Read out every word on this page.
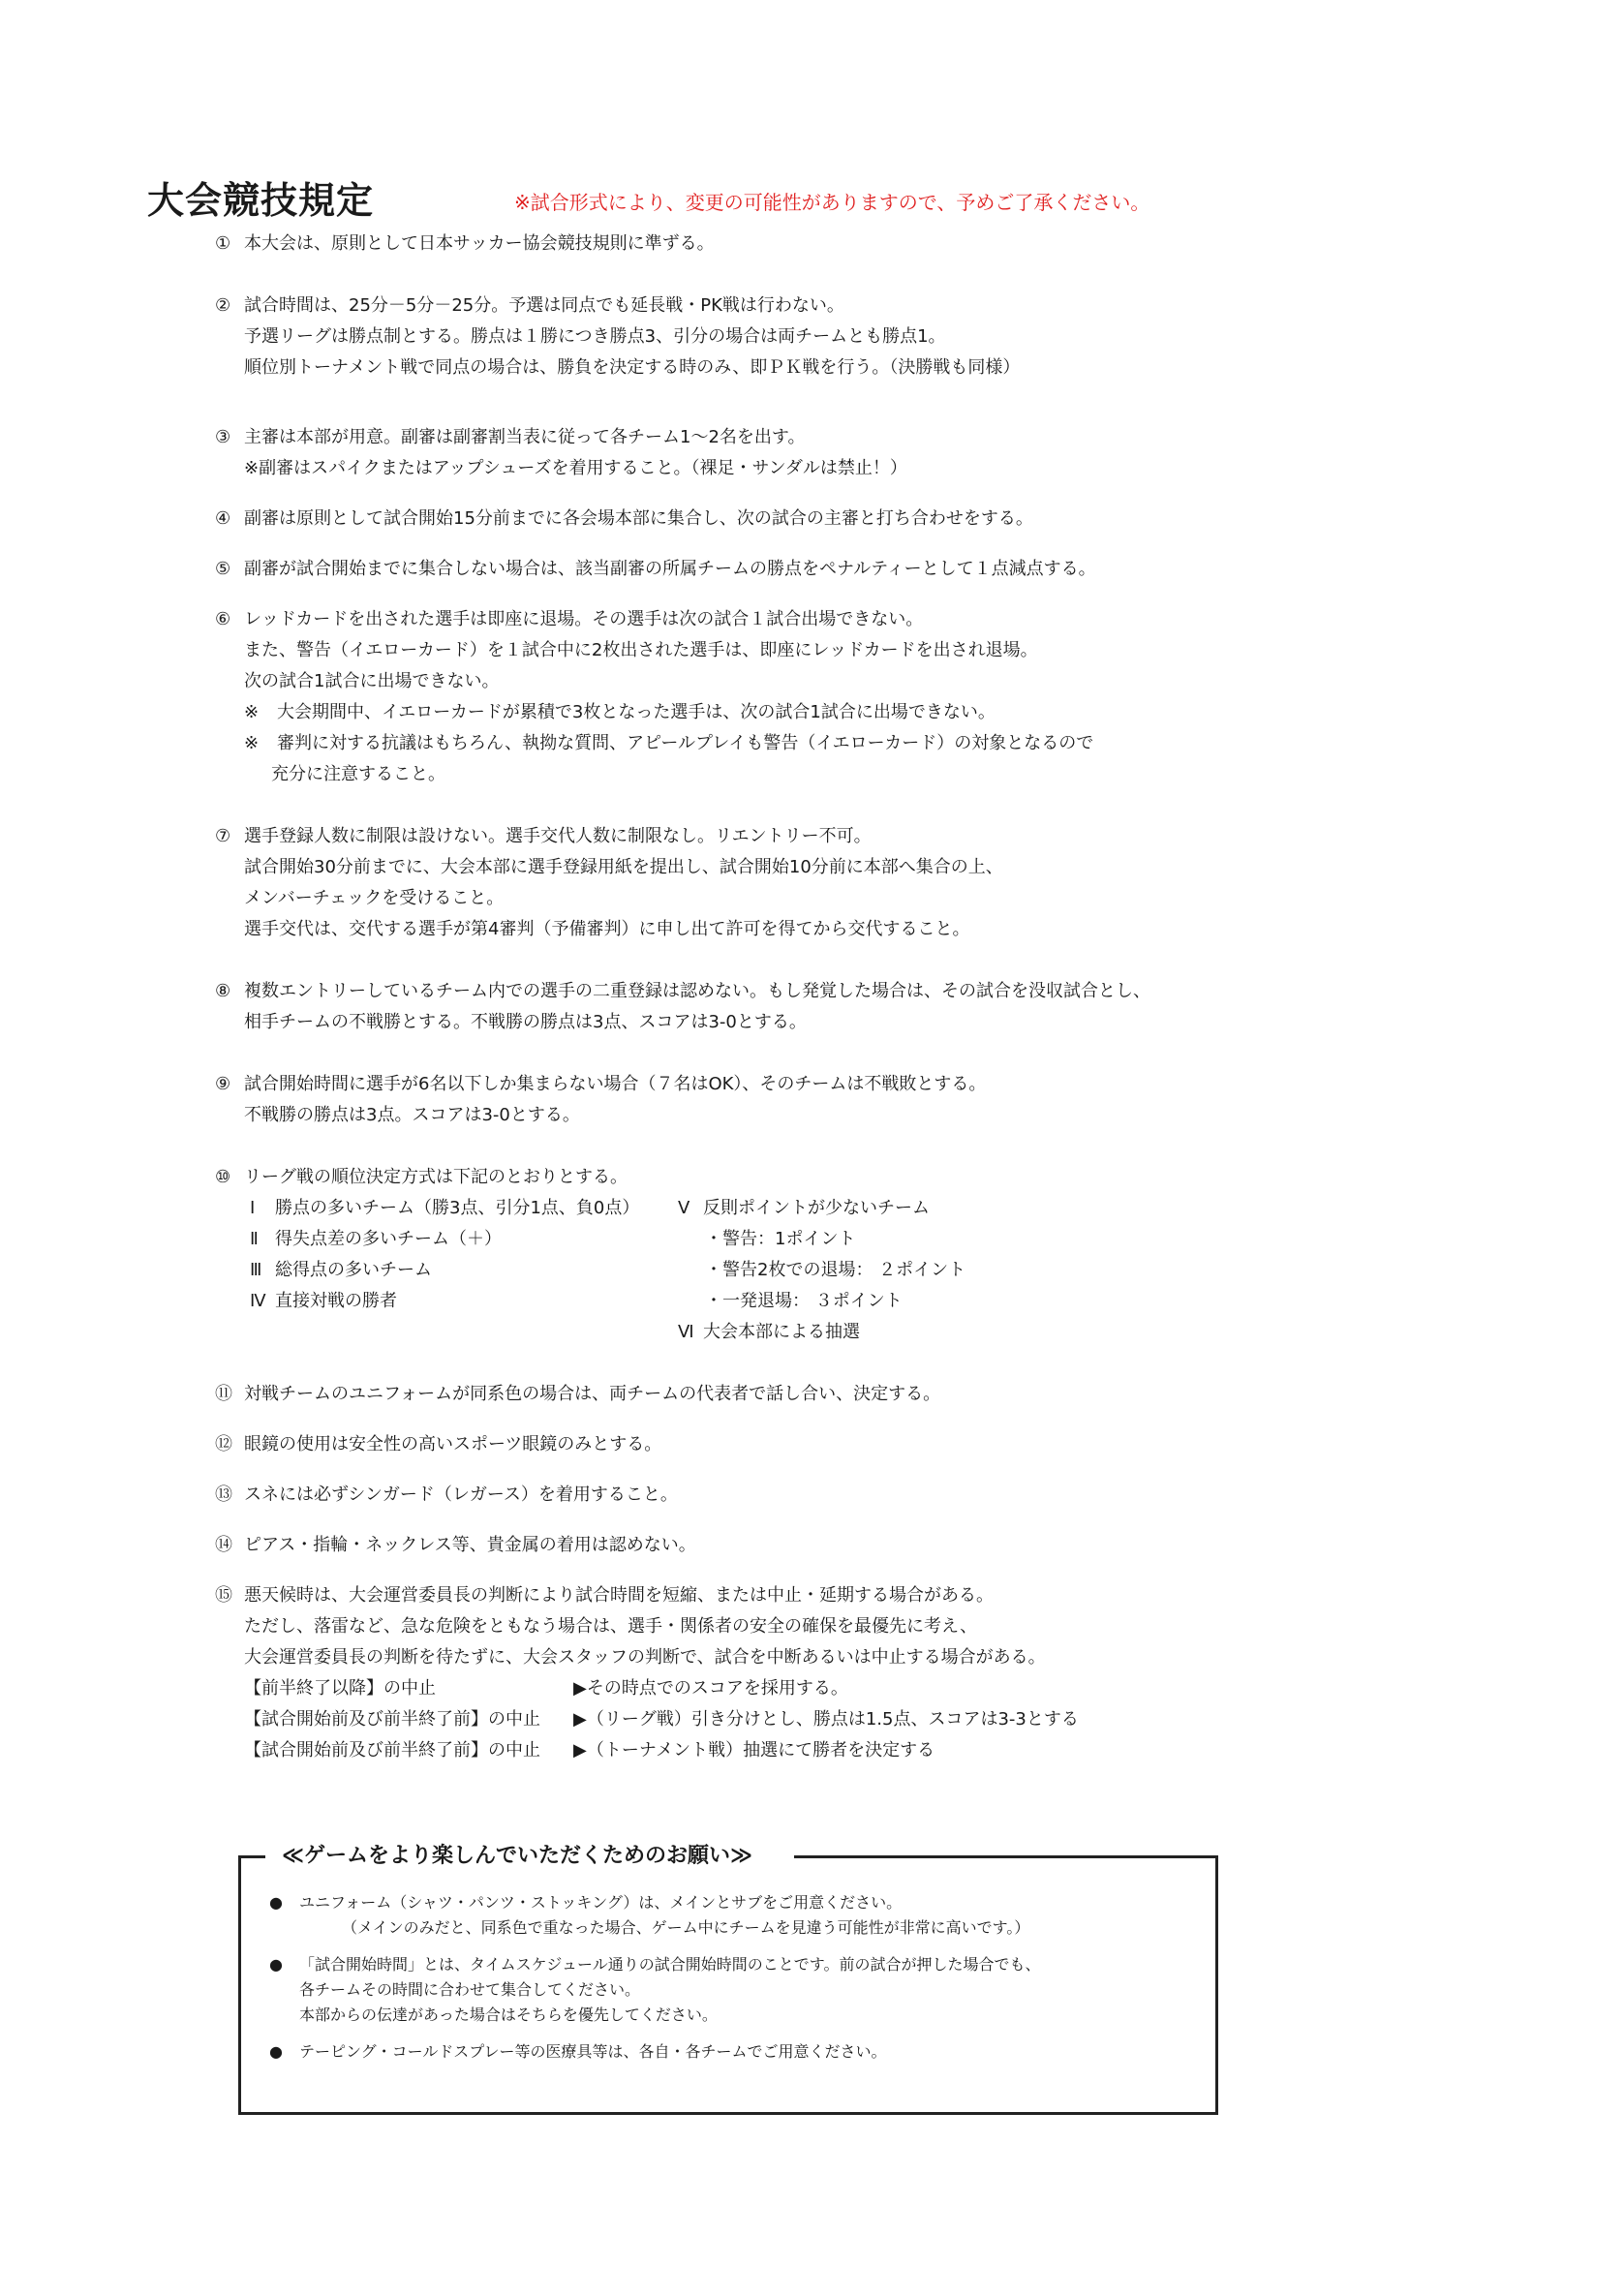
大会競技規定	※試合形式により、変更の可能性がありますので、予めご了承ください。
① 本大会は、原則として日本サッカー協会競技規則に準ずる。
② 試合時間は、25分－5分－25分。予選は同点でも延長戦・PK戦は行わない。
予選リーグは勝点制とする。勝点は１勝につき勝点3、引分の場合は両チームとも勝点1。
順位別トーナメント戦で同点の場合は、勝負を決定する時のみ、即ＰＫ戦を行う。（決勝戦も同様）
③ 主審は本部が用意。副審は副審割当表に従って各チーム1～2名を出す。
※副審はスパイクまたはアップシューズを着用すること。（裸足・サンダルは禁止！）
④ 副審は原則として試合開始15分前までに各会場本部に集合し、次の試合の主審と打ち合わせをする。
⑤ 副審が試合開始までに集合しない場合は、該当副審の所属チームの勝点をペナルティーとして１点減点する。
⑥ レッドカードを出された選手は即座に退場。その選手は次の試合１試合出場できない。
また、警告（イエローカード）を１試合中に2枚出された選手は、即座にレッドカードを出され退場。
次の試合1試合に出場できない。
※ 大会期間中、イエローカードが累積で3枚となった選手は、次の試合1試合に出場できない。
※ 審判に対する抗議はもちろん、執拗な質問、アピールプレイも警告（イエローカード）の対象となるので
充分に注意すること。
⑦ 選手登録人数に制限は設けない。選手交代人数に制限なし。リエントリー不可。
試合開始30分前までに、大会本部に選手登録用紙を提出し、試合開始10分前に本部へ集合の上、
メンバーチェックを受けること。
選手交代は、交代する選手が第4審判（予備審判）に申し出て許可を得てから交代すること。
⑧ 複数エントリーしているチーム内での選手の二重登録は認めない。もし発覚した場合は、その試合を没収試合とし、
相手チームの不戦勝とする。不戦勝の勝点は3点、スコアは3-0とする。
⑨ 試合開始時間に選手が6名以下しか集まらない場合（７名はOK）、そのチームは不戦敗とする。
不戦勝の勝点は3点。スコアは3-0とする。
⑩ リーグ戦の順位決定方式は下記のとおりとする。
Ⅰ 勝点の多いチーム（勝3点、引分1点、負0点）
Ⅱ 得失点差の多いチーム（＋）
Ⅲ 総得点の多いチーム
Ⅳ 直接対戦の勝者
Ⅴ 反則ポイントが少ないチーム
・警告：1ポイント
・警告2枚での退場： ２ポイント
・一発退場： ３ポイント
Ⅵ 大会本部による抽選
⑪ 対戦チームのユニフォームが同系色の場合は、両チームの代表者で話し合い、決定する。
⑫ 眼鏡の使用は安全性の高いスポーツ眼鏡のみとする。
⑬ スネには必ずシンガード（レガース）を着用すること。
⑭ ピアス・指輪・ネックレス等、貴金属の着用は認めない。
⑮ 悪天候時は、大会運営委員長の判断により試合時間を短縮、または中止・延期する場合がある。
ただし、落雷など、急な危険をともなう場合は、選手・関係者の安全の確保を最優先に考え、
大会運営委員長の判断を待たずに、大会スタッフの判断で、試合を中断あるいは中止する場合がある。
【前半終了以降】の中止	▶その時点でのスコアを採用する。
【試合開始前及び前半終了前】の中止 ▶（リーグ戦）引き分けとし、勝点は1.5点、スコアは3-3とする
【試合開始前及び前半終了前】の中止 ▶（トーナメント戦）抽選にて勝者を決定する
≪ゲームをより楽しんでいただくためのお願い≫
● ユニフォーム（シャツ・パンツ・ストッキング）は、メインとサブをご用意ください。
（メインのみだと、同系色で重なった場合、ゲーム中にチームを見違う可能性が非常に高いです。）
● 「試合開始時間」とは、タイムスケジュール通りの試合開始時間のことです。前の試合が押した場合でも、
各チームその時間に合わせて集合してください。
本部からの伝達があった場合はそちらを優先してください。
● テーピング・コールドスプレー等の医療具等は、各自・各チームでご用意ください。
